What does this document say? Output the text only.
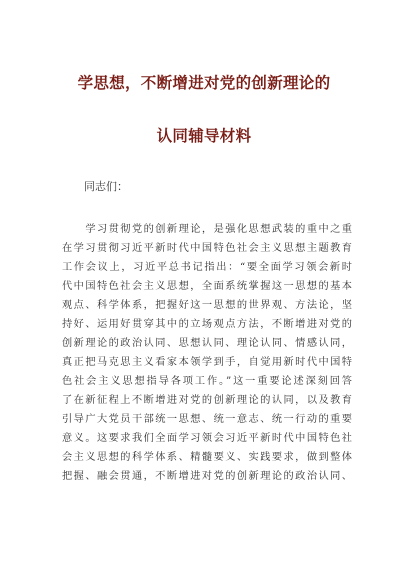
学思想，不断增进对党的创新理论的
认同辅导材料
同志们：
　　学习贯彻党的创新理论，是强化思想武装的重中之重
在学习贯彻习近平新时代中国特色社会主义思想主题教育
工作会议上，习近平总书记指出：“要全面学习领会新时
代中国特色社会主义思想，全面系统掌握这一思想的基本
观点、科学体系，把握好这一思想的世界观、方法论，坚
持好、运用好贯穿其中的立场观点方法，不断增进对党的
创新理论的政治认同、思想认同、理论认同、情感认同，
真正把马克思主义看家本领学到手，自觉用新时代中国特
色社会主义思想指导各项工作。”这一重要论述深刻回答
了在新征程上不断增进对党的创新理论的认同，以及教育
引导广大党员干部统一思想、统一意志、统一行动的重要
意义。这要求我们全面学习领会习近平新时代中国特色社
会主义思想的科学体系、精髓要义、实践要求，做到整体
把握、融会贯通，不断增进对党的创新理论的政治认同、
